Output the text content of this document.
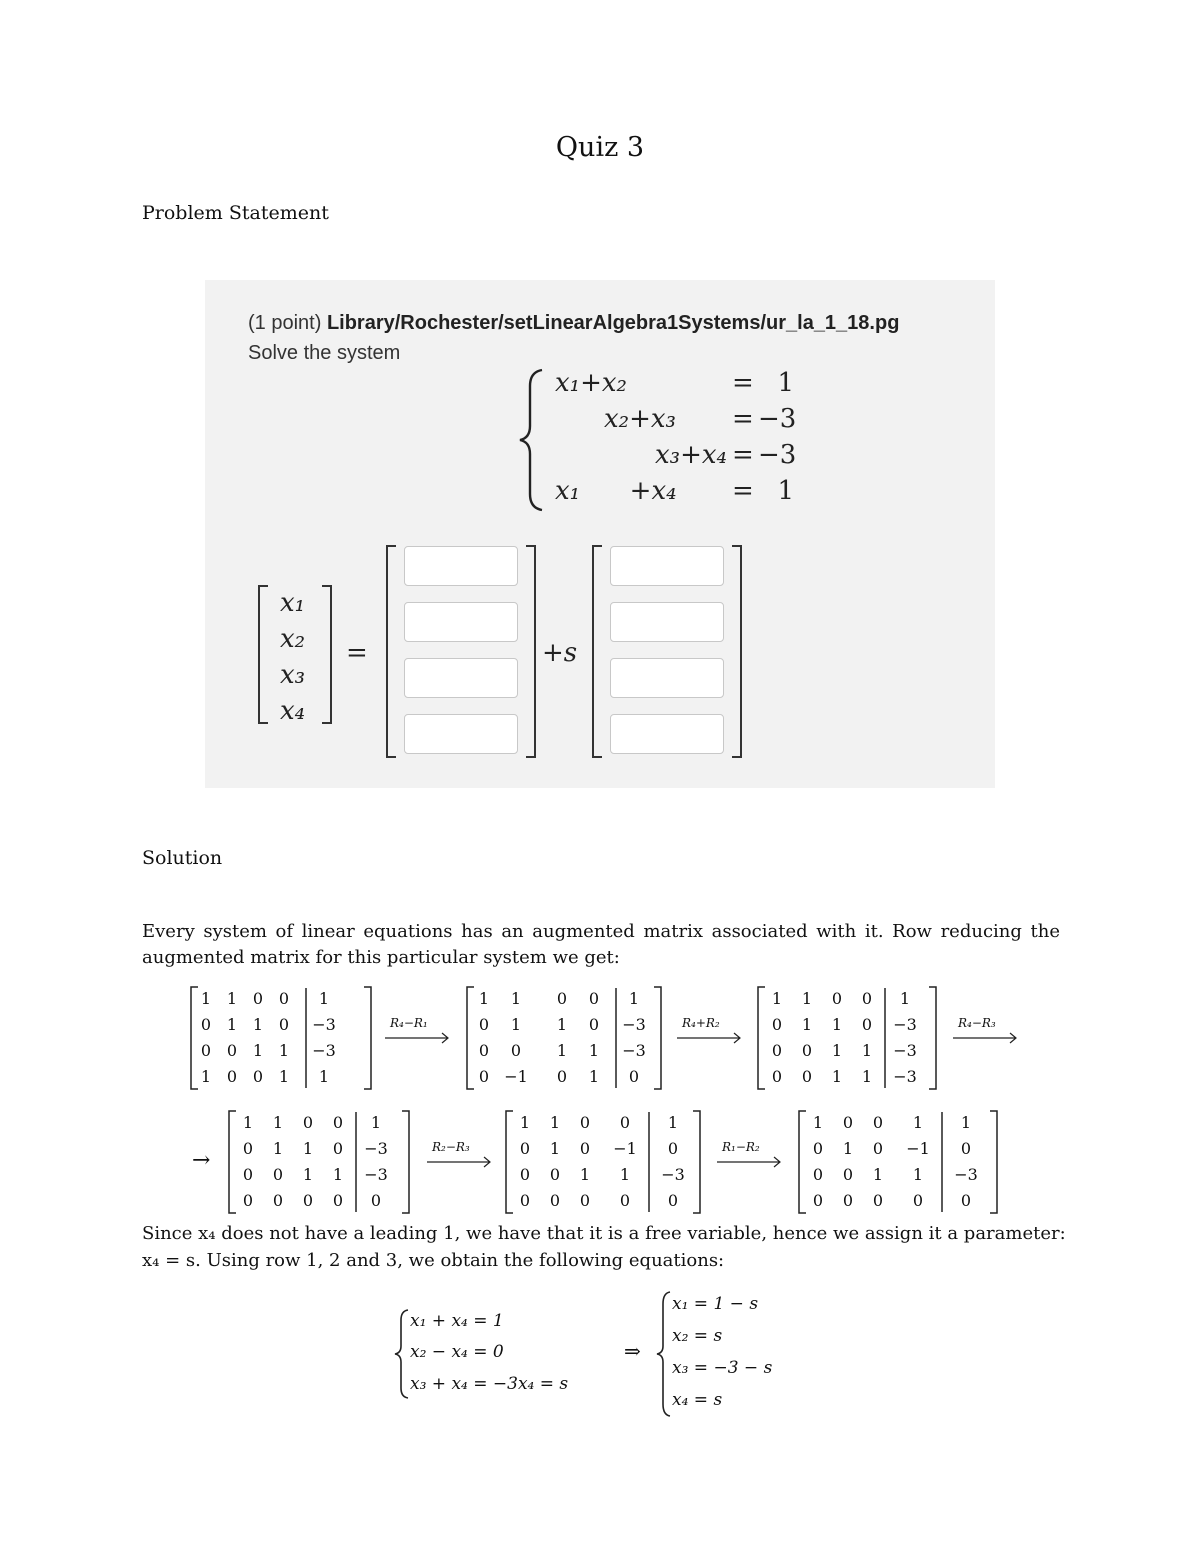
Quiz 3
Problem Statement
(1 point) Library/Rochester/setLinearAlgebra1Systems/ur_la_1_18.pg
Solve the system
x₁+x₂
x₂+x₃
x₃+x₄
x₁      +x₄
=
=
=
=
1
−3
−3
1
x₁
x₂
x₃
x₄
=	+s
Solution
Every system of linear equations has an augmented matrix associated with it. Row reducing the augmented matrix for this particular system we get:
1 1 0 0	1
0 1 1 0	−3
0 0 1 1	−3
1 0 0 1	1
1	1	0	0	1
0	1	1	0	−3
0	0	1	1	−3
0 −1	0	1	0
R₄−R₁
1	1	0	0	1
0	1	1	0	−3
0	0	1	1	−3
0	0	1	1	−3
R₄+R₂
1	1	0	0	1
0	1	1	0	−3
0	0	1	1	−3
0	0	0	0	0
R₄−R₃
1	1	0	0	1
0	1	0	−1	0
0	0	1	1	−3
0	0	0	0	0
R₂−R₃
1	0	0	1	1
0	1	0	−1	0
0	0	1	1	−3
0	0	0	0	0
R₁−R₂
→
Since x₄ does not have a leading 1, we have that it is a free variable, hence we assign it a parameter:
x₄ = s. Using row 1, 2 and 3, we obtain the following equations:
x₁ + x₄ = 1
x₂ − x₄ = 0
x₃ + x₄ = −3x₄ = s
⇒
x₁ = 1 − s
x₂ = s
x₃ = −3 − s
x₄ = s
